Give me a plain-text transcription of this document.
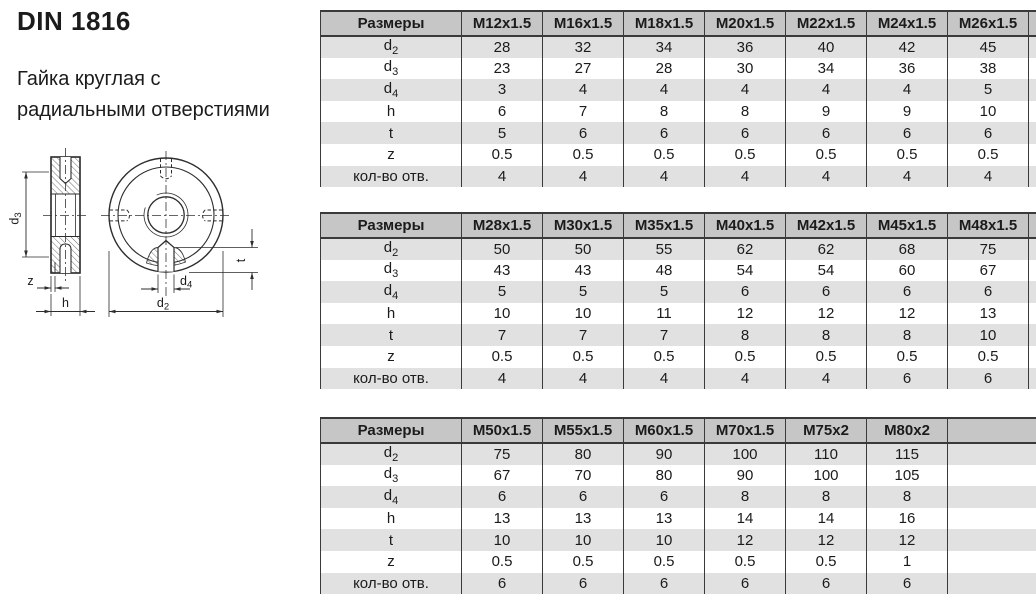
DIN 1816
Гайка круглая с
радиальными отверстиями
$d_3$
z
h
t
$d_4$
$d_2$
Размеры	M12x1.5	M16x1.5	M18x1.5	M20x1.5	M22x1.5	M24x1.5	M26x1.5	
$d_2$	28	32	34	36	40	42	45	
$d_3$	23	27	28	30	34	36	38	
$d_4$	3	4	4	4	4	4	5	
h	6	7	8	8	9	9	10	
t	5	6	6	6	6	6	6	
z	0.5	0.5	0.5	0.5	0.5	0.5	0.5	
кол-во отв.	4	4	4	4	4	4	4	
Размеры	M28x1.5	M30x1.5	M35x1.5	M40x1.5	M42x1.5	M45x1.5	M48x1.5	
$d_2$	50	50	55	62	62	68	75	
$d_3$	43	43	48	54	54	60	67	
$d_4$	5	5	5	6	6	6	6	
h	10	10	11	12	12	12	13	
t	7	7	7	8	8	8	10	
z	0.5	0.5	0.5	0.5	0.5	0.5	0.5	
кол-во отв.	4	4	4	4	4	6	6	
Размеры	M50x1.5	M55x1.5	M60x1.5	M70x1.5	M75x2	M80x2	
$d_2$	75	80	90	100	110	115	
$d_3$	67	70	80	90	100	105	
$d_4$	6	6	6	8	8	8	
h	13	13	13	14	14	16	
t	10	10	10	12	12	12	
z	0.5	0.5	0.5	0.5	0.5	1	
кол-во отв.	6	6	6	6	6	6	
